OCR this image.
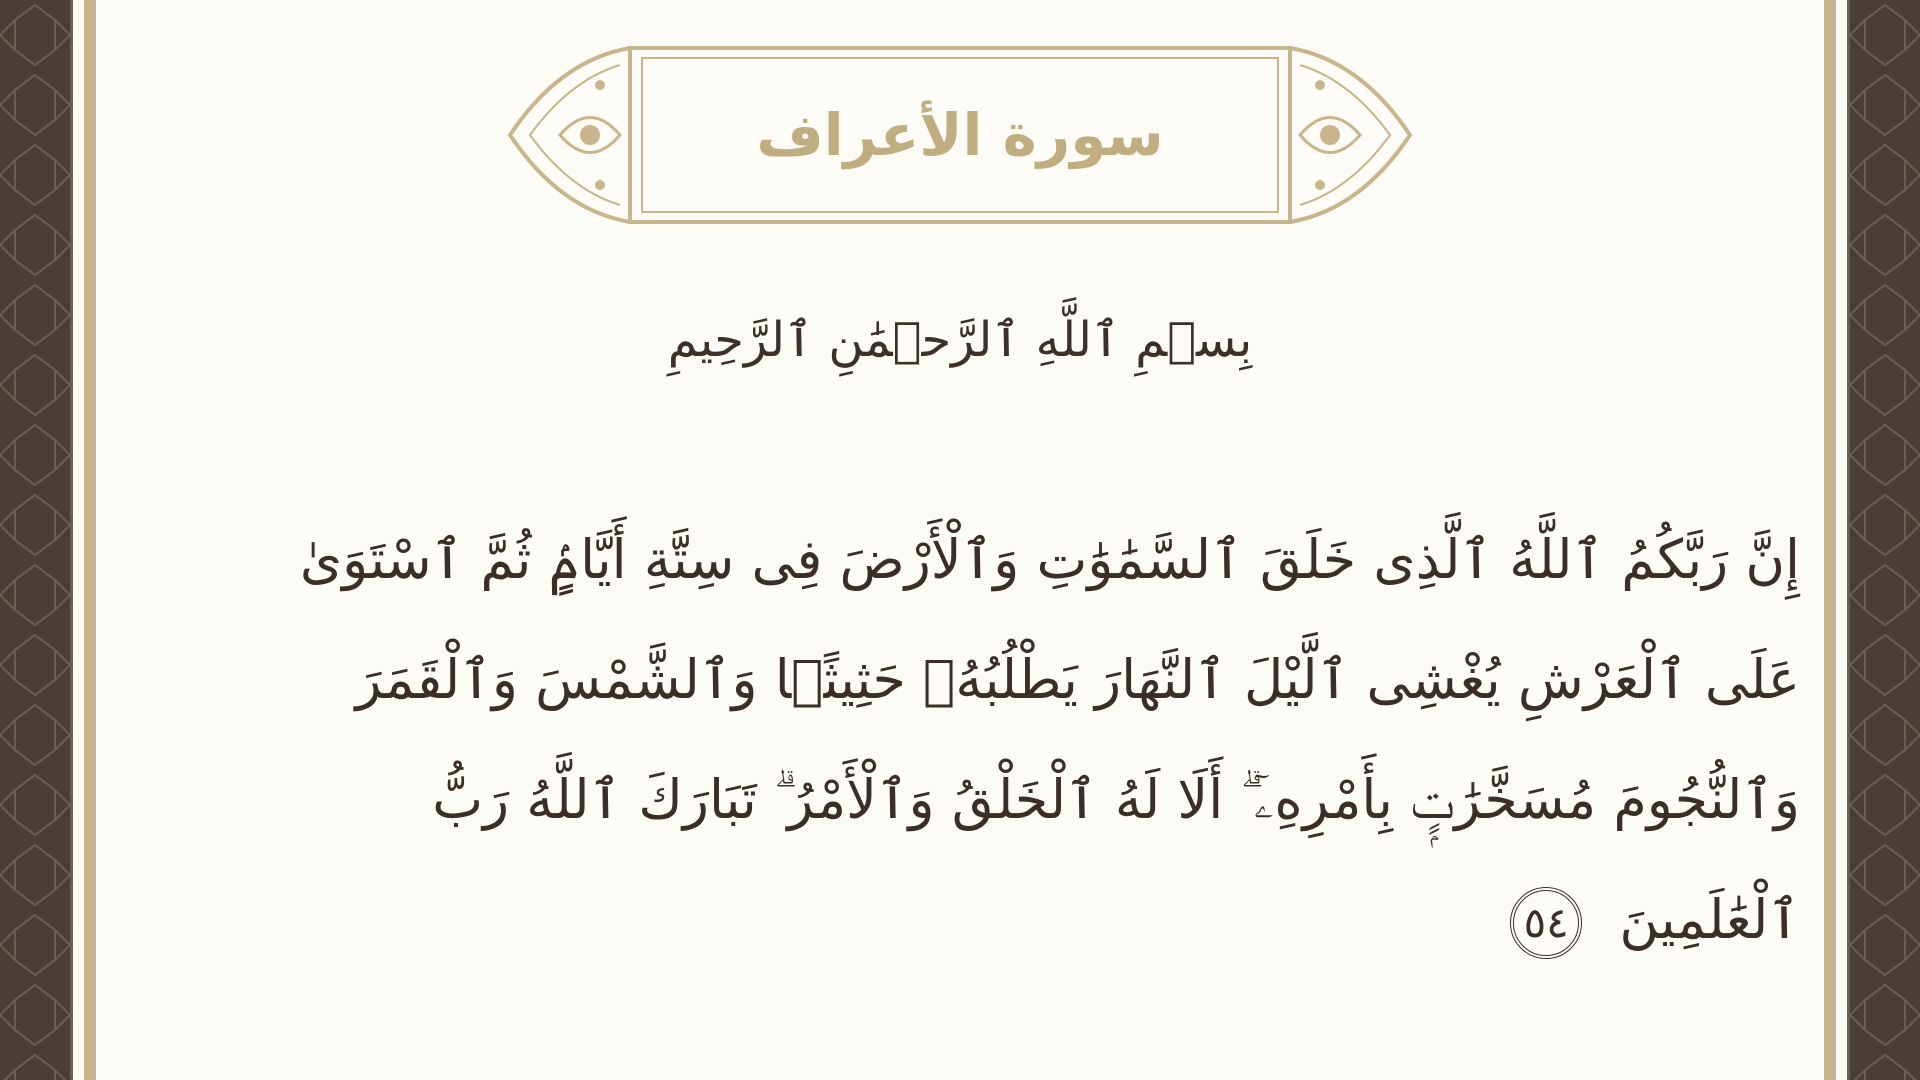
سورة الأعراف
بِسۡمِ ٱللَّهِ ٱلرَّحۡمَٰنِ ٱلرَّحِيمِ
إِنَّ رَبَّكُمُ ٱللَّهُ ٱلَّذِى خَلَقَ ٱلسَّمَٰوَٰتِ وَٱلْأَرْضَ فِى سِتَّةِ أَيَّامٍۢ ثُمَّ ٱسْتَوَىٰ
عَلَى ٱلْعَرْشِ يُغْشِى ٱلَّيْلَ ٱلنَّهَارَ يَطْلُبُهُۥ حَثِيثًۭا وَٱلشَّمْسَ وَٱلْقَمَرَ
وَٱلنُّجُومَ مُسَخَّرَٰتٍۭ بِأَمْرِهِۦٓ ۗ أَلَا لَهُ ٱلْخَلْقُ وَٱلْأَمْرُ ۗ تَبَارَكَ ٱللَّهُ رَبُّ
ٱلْعَٰلَمِينَ ٥٤
